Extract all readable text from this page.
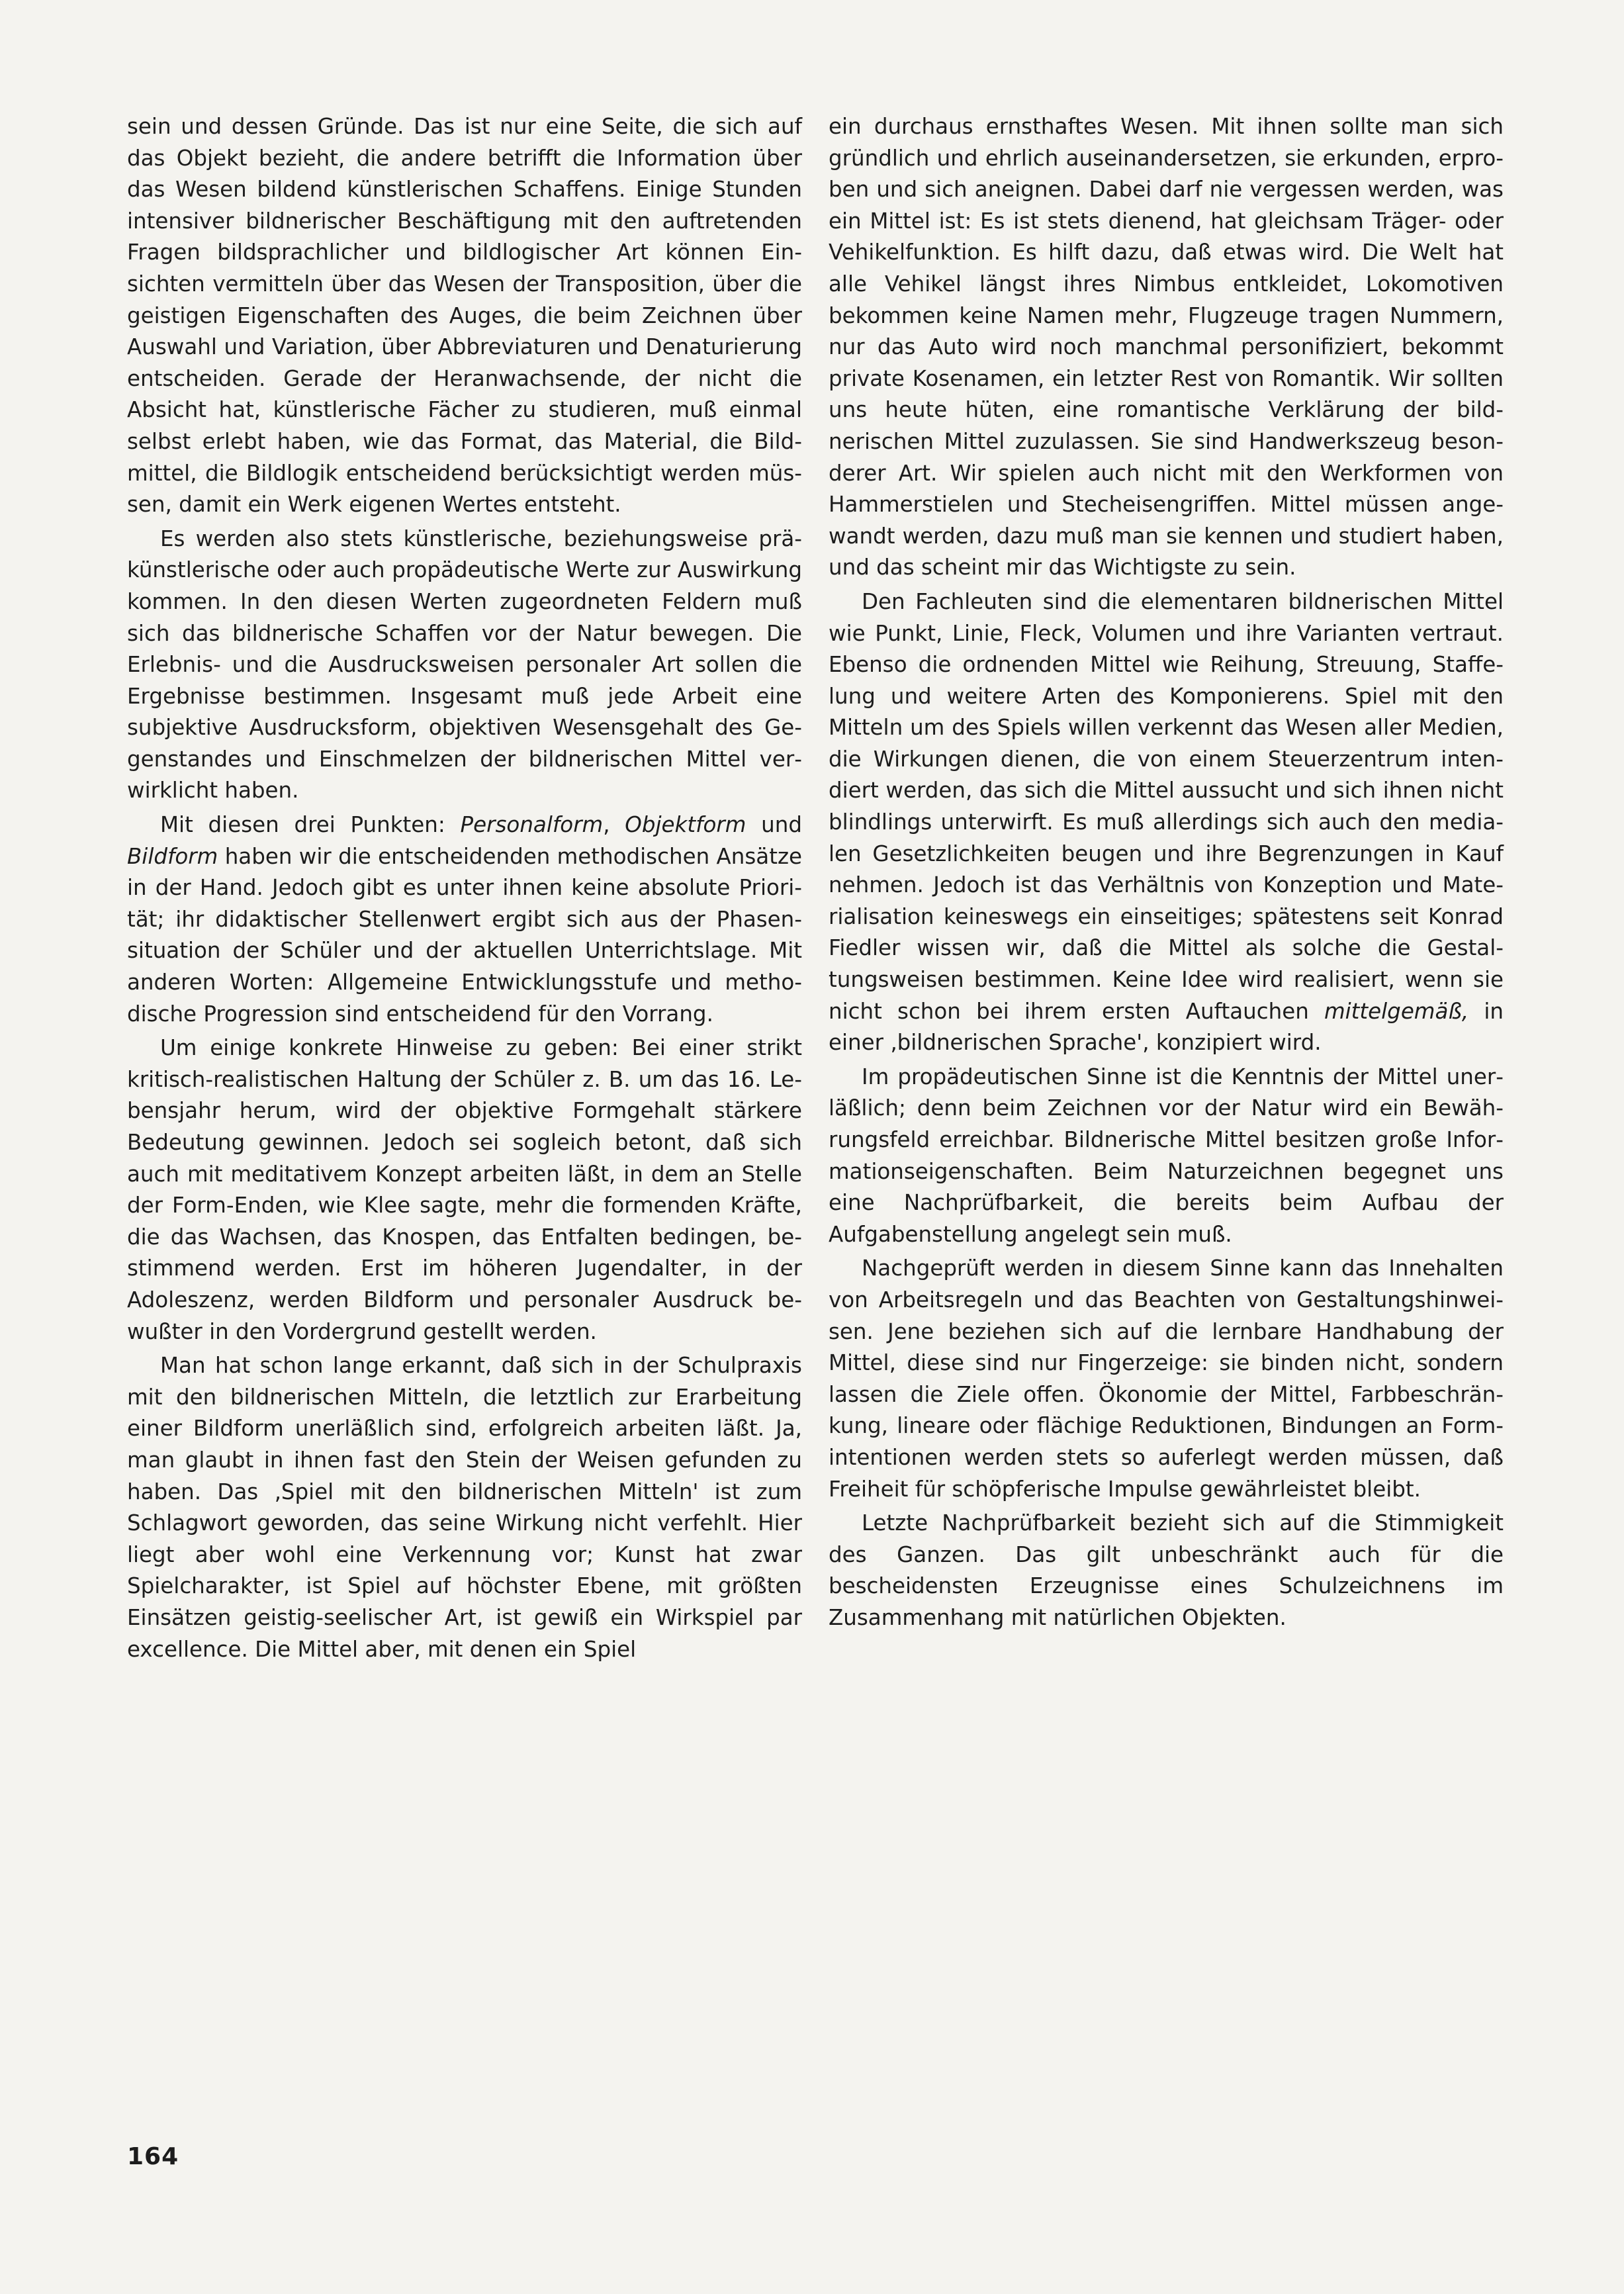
sein und dessen Gründe. Das ist nur eine Seite, die sich auf das Objekt bezieht, die andere betrifft die Information über das Wesen bildend künstlerischen Schaffens. Einige Stunden intensiver bildnerischer Beschäftigung mit den auftretenden Fragen bildsprachlicher und bildlogischer Art können Einsichten vermitteln über das Wesen der Transposition, über die geistigen Eigenschaften des Auges, die beim Zeichnen über Auswahl und Variation, über Abbreviaturen und Denaturierung entscheiden. Gerade der Heranwachsende, der nicht die Absicht hat, künstlerische Fächer zu studieren, muß einmal selbst erlebt haben, wie das Format, das Material, die Bildmittel, die Bildlogik entscheidend berücksichtigt werden müssen, damit ein Werk eigenen Wertes entsteht.

Es werden also stets künstlerische, beziehungsweise präkünstlerische oder auch propädeutische Werte zur Auswirkung kommen. In den diesen Werten zugeordneten Feldern muß sich das bildnerische Schaffen vor der Natur bewegen. Die Erlebnis- und die Ausdrucksweisen personaler Art sollen die Ergebnisse bestimmen. Insgesamt muß jede Arbeit eine subjektive Ausdrucksform, objektiven Wesensgehalt des Gegenstandes und Einschmelzen der bildnerischen Mittel verwirklicht haben.

Mit diesen drei Punkten: Personalform, Objektform und Bildform haben wir die entscheidenden methodischen Ansätze in der Hand. Jedoch gibt es unter ihnen keine absolute Priorität; ihr didaktischer Stellenwert ergibt sich aus der Phasensituation der Schüler und der aktuellen Unterrichtslage. Mit anderen Worten: Allgemeine Entwicklungsstufe und methodische Progression sind entscheidend für den Vorrang.

Um einige konkrete Hinweise zu geben: Bei einer strikt kritisch-realistischen Haltung der Schüler z. B. um das 16. Lebensjahr herum, wird der objektive Formgehalt stärkere Bedeutung gewinnen. Jedoch sei sogleich betont, daß sich auch mit meditativem Konzept arbeiten läßt, in dem an Stelle der Form-Enden, wie Klee sagte, mehr die formenden Kräfte, die das Wachsen, das Knospen, das Entfalten bedingen, bestimmend werden. Erst im höheren Jugendalter, in der Adoleszenz, werden Bildform und personaler Ausdruck bewußter in den Vordergrund gestellt werden.

Man hat schon lange erkannt, daß sich in der Schulpraxis mit den bildnerischen Mitteln, die letztlich zur Erarbeitung einer Bildform unerläßlich sind, erfolgreich arbeiten läßt. Ja, man glaubt in ihnen fast den Stein der Weisen gefunden zu haben. Das ‚Spiel mit den bildnerischen Mitteln' ist zum Schlagwort geworden, das seine Wirkung nicht verfehlt. Hier liegt aber wohl eine Verkennung vor; Kunst hat zwar Spielcharakter, ist Spiel auf höchster Ebene, mit größten Einsätzen geistig-seelischer Art, ist gewiß ein Wirkspiel par excellence. Die Mittel aber, mit denen ein Spiel

ein durchaus ernsthaftes Wesen. Mit ihnen sollte man sich gründlich und ehrlich auseinandersetzen, sie erkunden, erproben und sich aneignen. Dabei darf nie vergessen werden, was ein Mittel ist: Es ist stets dienend, hat gleichsam Träger- oder Vehikelfunktion. Es hilft dazu, daß etwas wird. Die Welt hat alle Vehikel längst ihres Nimbus entkleidet, Lokomotiven bekommen keine Namen mehr, Flugzeuge tragen Nummern, nur das Auto wird noch manchmal personifiziert, bekommt private Kosenamen, ein letzter Rest von Romantik. Wir sollten uns heute hüten, eine romantische Verklärung der bildnerischen Mittel zuzulassen. Sie sind Handwerkszeug besonderer Art. Wir spielen auch nicht mit den Werkformen von Hammerstielen und Stecheisengriffen. Mittel müssen angewandt werden, dazu muß man sie kennen und studiert haben, und das scheint mir das Wichtigste zu sein.

Den Fachleuten sind die elementaren bildnerischen Mittel wie Punkt, Linie, Fleck, Volumen und ihre Varianten vertraut. Ebenso die ordnenden Mittel wie Reihung, Streuung, Staffelung und weitere Arten des Komponierens. Spiel mit den Mitteln um des Spiels willen verkennt das Wesen aller Medien, die Wirkungen dienen, die von einem Steuerzentrum intendiert werden, das sich die Mittel aussucht und sich ihnen nicht blindlings unterwirft. Es muß allerdings sich auch den medialen Gesetzlichkeiten beugen und ihre Begrenzungen in Kauf nehmen. Jedoch ist das Verhältnis von Konzeption und Materialisation keineswegs ein einseitiges; spätestens seit Konrad Fiedler wissen wir, daß die Mittel als solche die Gestaltungsweisen bestimmen. Keine Idee wird realisiert, wenn sie nicht schon bei ihrem ersten Auftauchen mittelgemäß, in einer ‚bildnerischen Sprache', konzipiert wird.

Im propädeutischen Sinne ist die Kenntnis der Mittel unerläßlich; denn beim Zeichnen vor der Natur wird ein Bewährungsfeld erreichbar. Bildnerische Mittel besitzen große Informationseigenschaften. Beim Naturzeichnen begegnet uns eine Nachprüfbarkeit, die bereits beim Aufbau der Aufgabenstellung angelegt sein muß.

Nachgeprüft werden in diesem Sinne kann das Innehalten von Arbeitsregeln und das Beachten von Gestaltungshinweisen. Jene beziehen sich auf die lernbare Handhabung der Mittel, diese sind nur Fingerzeige: sie binden nicht, sondern lassen die Ziele offen. Ökonomie der Mittel, Farbbeschränkung, lineare oder flächige Reduktionen, Bindungen an Formintentionen werden stets so auferlegt werden müssen, daß Freiheit für schöpferische Impulse gewährleistet bleibt.

Letzte Nachprüfbarkeit bezieht sich auf die Stimmigkeit des Ganzen. Das gilt unbeschränkt auch für die bescheidensten Erzeugnisse eines Schulzeichnens im Zusammenhang mit natürlichen Objekten.

164
